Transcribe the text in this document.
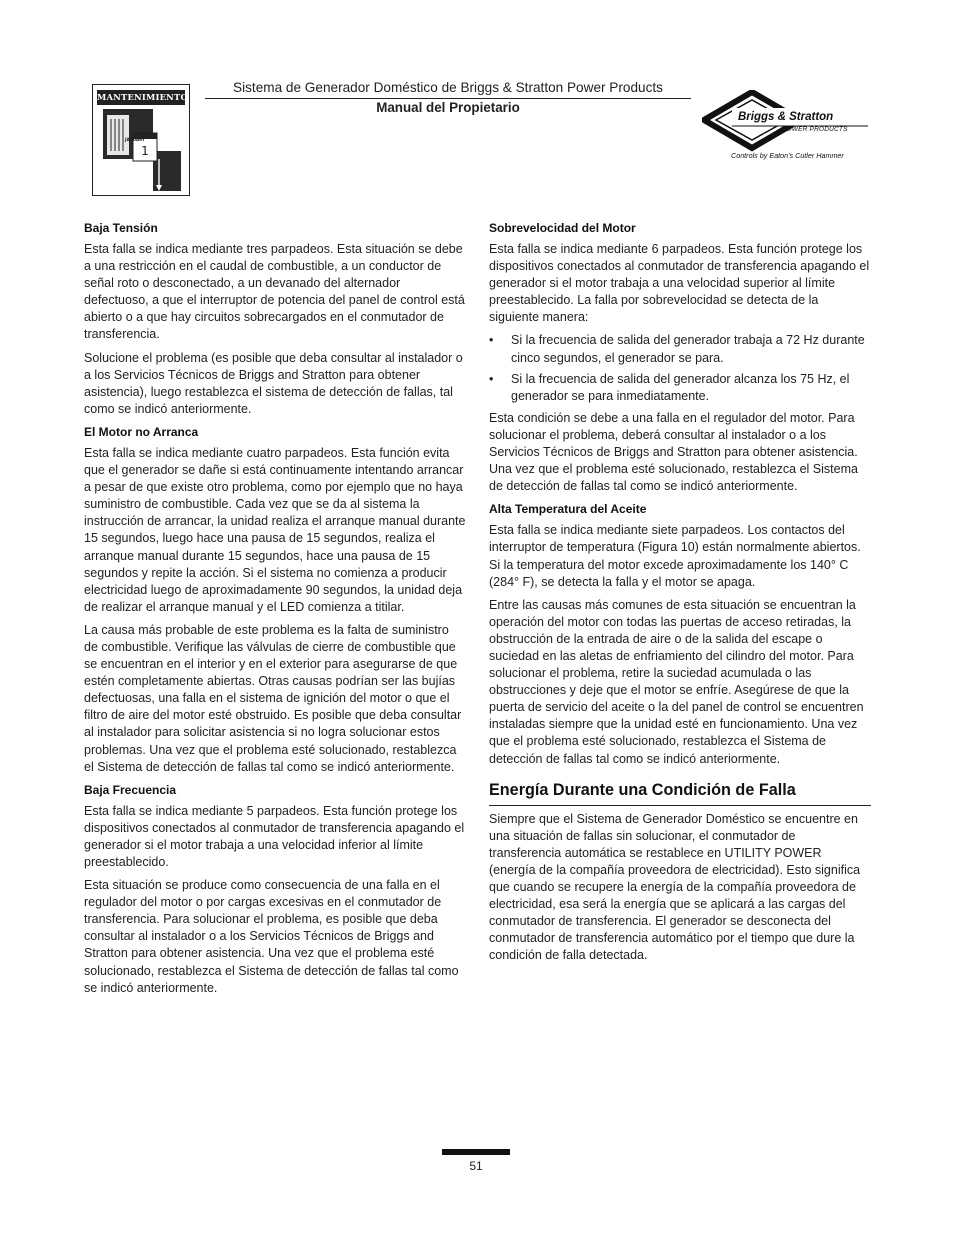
1
MANTENIMIENTO
JANUARY
Sistema de Generador Doméstico de Briggs & Stratton Power Products
Manual del Propietario
Briggs & Stratton
POWER PRODUCTS
Controls by Eaton's Cutler Hammer
Baja Tensión

Esta falla se indica mediante tres parpadeos. Esta situación se debe a una restricción en el caudal de combustible, a un conductor de señal roto o desconectado, a un devanado del alternador defectuoso, a que el interruptor de potencia del panel de control está abierto o a que hay circuitos sobrecargados en el conmutador de transferencia.

Solucione el problema (es posible que deba consultar al instalador o a los Servicios Técnicos de Briggs and Stratton para obtener asistencia), luego restablezca el sistema de detección de fallas, tal como se indicó anteriormente.

El Motor no Arranca

Esta falla se indica mediante cuatro parpadeos. Esta función evita que el generador se dañe si está continuamente intentando arrancar a pesar de que existe otro problema, como por ejemplo que no haya suministro de combustible. Cada vez que se da al sistema la instrucción de arrancar, la unidad realiza el arranque manual durante 15 segundos, luego hace una pausa de 15 segundos, realiza el arranque manual durante 15 segundos, hace una pausa de 15 segundos y repite la acción. Si el sistema no comienza a producir electricidad luego de aproximadamente 90 segundos, la unidad deja de realizar el arranque manual y el LED comienza a titilar.

La causa más probable de este problema es la falta de suministro de combustible. Verifique las válvulas de cierre de combustible que se encuentran en el interior y en el exterior para asegurarse de que estén completamente abiertas. Otras causas podrían ser las bujías defectuosas, una falla en el sistema de ignición del motor o que el filtro de aire del motor esté obstruido. Es posible que deba consultar al instalador para solicitar asistencia si no logra solucionar estos problemas. Una vez que el problema esté solucionado, restablezca el Sistema de detección de fallas tal como se indicó anteriormente.

Baja Frecuencia

Esta falla se indica mediante 5 parpadeos. Esta función protege los dispositivos conectados al conmutador de transferencia apagando el generador si el motor trabaja a una velocidad inferior al límite preestablecido.

Esta situación se produce como consecuencia de una falla en el regulador del motor o por cargas excesivas en el conmutador de transferencia. Para solucionar el problema, es posible que deba consultar al instalador o a los Servicios Técnicos de Briggs and Stratton para obtener asistencia. Una vez que el problema esté solucionado, restablezca el Sistema de detección de fallas tal como se indicó anteriormente.

Sobrevelocidad del Motor

Esta falla se indica mediante 6 parpadeos. Esta función protege los dispositivos conectados al conmutador de transferencia apagando el generador si el motor trabaja a una velocidad superior al límite preestablecido. La falla por sobrevelocidad se detecta de la siguiente manera:

• Si la frecuencia de salida del generador trabaja a 72 Hz durante cinco segundos, el generador se para.
• Si la frecuencia de salida del generador alcanza los 75 Hz, el generador se para inmediatamente.

Esta condición se debe a una falla en el regulador del motor. Para solucionar el problema, deberá consultar al instalador o a los Servicios Técnicos de Briggs and Stratton para obtener asistencia. Una vez que el problema esté solucionado, restablezca el Sistema de detección de fallas tal como se indicó anteriormente.

Alta Temperatura del Aceite

Esta falla se indica mediante siete parpadeos. Los contactos del interruptor de temperatura (Figura 10) están normalmente abiertos. Si la temperatura del motor excede aproximadamente los 140° C (284° F), se detecta la falla y el motor se apaga.

Entre las causas más comunes de esta situación se encuentran la operación del motor con todas las puertas de acceso retiradas, la obstrucción de la entrada de aire o de la salida del escape o suciedad en las aletas de enfriamiento del cilindro del motor. Para solucionar el problema, retire la suciedad acumulada o las obstrucciones y deje que el motor se enfríe. Asegúrese de que la puerta de servicio del aceite o la del panel de control se encuentren instaladas siempre que la unidad esté en funcionamiento. Una vez que el problema esté solucionado, restablezca el Sistema de detección de fallas tal como se indicó anteriormente.

Energía Durante una Condición de Falla

Siempre que el Sistema de Generador Doméstico se encuentre en una situación de fallas sin solucionar, el conmutador de transferencia automática se restablece en UTILITY POWER (energía de la compañía proveedora de electricidad). Esto significa que cuando se recupere la energía de la compañía proveedora de electricidad, esa será la energía que se aplicará a las cargas del conmutador de transferencia. El generador se desconecta del conmutador de transferencia automático por el tiempo que dure la condición de falla detectada.

51
